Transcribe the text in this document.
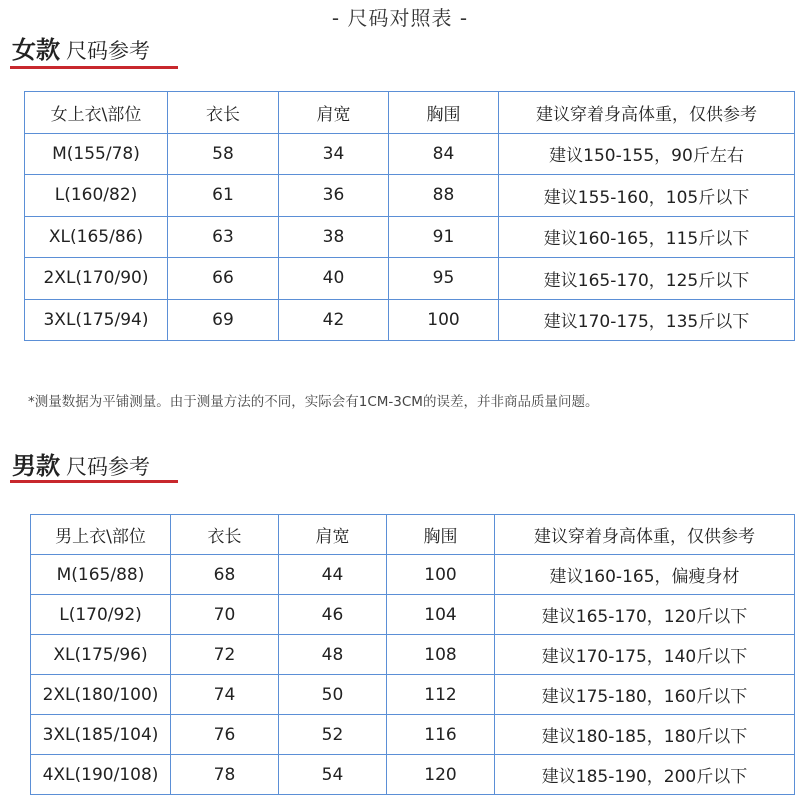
- 尺码对照表 -
女款 尺码参考
女上衣\部位	衣长	肩宽	胸围	建议穿着身高体重，仅供参考
M(155/78)	58	34	84	建议150-155，90斤左右
L(160/82)	61	36	88	建议155-160，105斤以下
XL(165/86)	63	38	91	建议160-165，115斤以下
2XL(170/90)	66	40	95	建议165-170，125斤以下
3XL(175/94)	69	42	100	建议170-175，135斤以下
*测量数据为平铺测量。由于测量方法的不同，实际会有1CM-3CM的误差，并非商品质量问题。
男款 尺码参考
男上衣\部位	衣长	肩宽	胸围	建议穿着身高体重，仅供参考
M(165/88)	68	44	100	建议160-165，偏瘦身材
L(170/92)	70	46	104	建议165-170，120斤以下
XL(175/96)	72	48	108	建议170-175，140斤以下
2XL(180/100)	74	50	112	建议175-180，160斤以下
3XL(185/104)	76	52	116	建议180-185，180斤以下
4XL(190/108)	78	54	120	建议185-190，200斤以下
